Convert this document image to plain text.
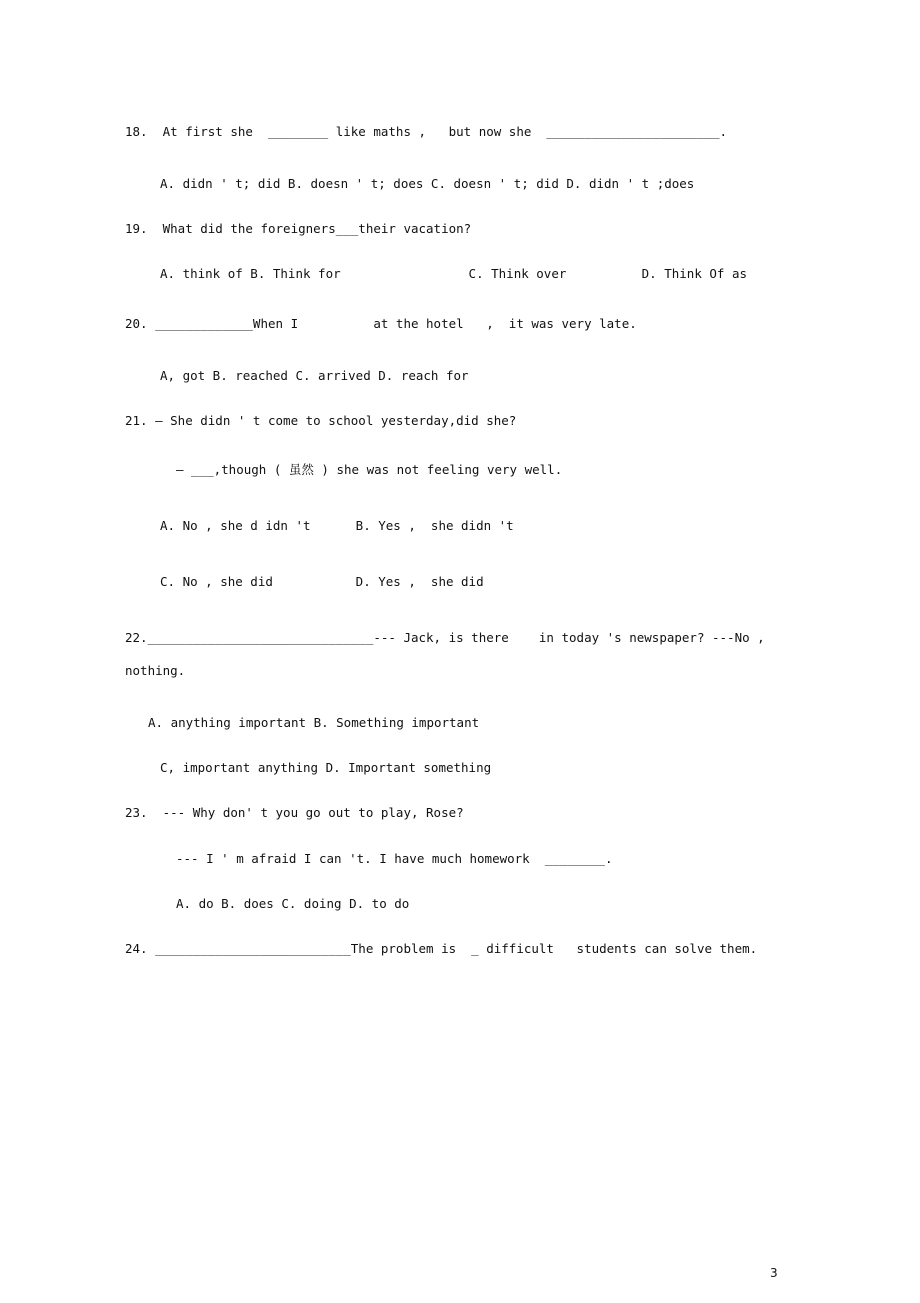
18.  At first she  ________ like maths ,   but now she  _______________________.
A. didn ' t; did B. doesn ' t; does C. doesn ' t; did D. didn ' t ;does
19.  What did the foreigners___their vacation?
A. think of B. Think for                 C. Think over          D. Think Of as
20. _____________When I          at the hotel   ,  it was very late.
A, got B. reached C. arrived D. reach for
21. — She didn ' t come to school yesterday,did she?
— ___,though ( 虽然 ) she was not feeling very well.
A. No , she d idn 't      B. Yes ,  she didn 't
C. No , she did           D. Yes ,  she did
22.______________________________--- Jack, is there    in today 's newspaper? ---No ,
nothing.
A. anything important B. Something important
C, important anything D. Important something
23.  --- Why don' t you go out to play, Rose?
--- I ' m afraid I can 't. I have much homework  ________.
A. do B. does C. doing D. to do
24. __________________________The problem is  _ difficult   students can solve them.
3
